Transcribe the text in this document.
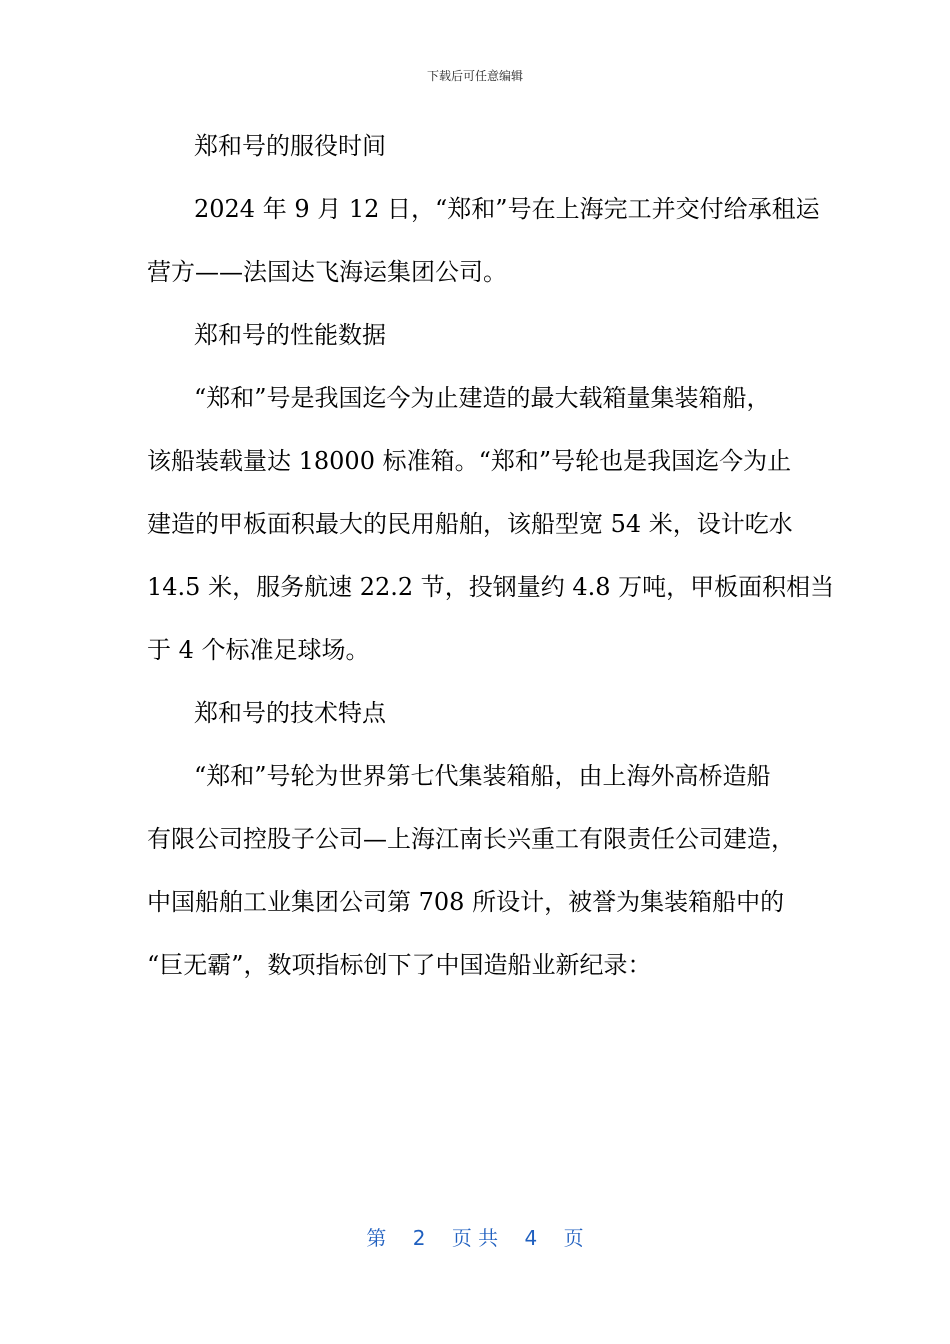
下载后可任意编辑
郑和号的服役时间
2024 年 9 月 12 日，“郑和”号在上海完工并交付给承租运
营方——法国达飞海运集团公司。
郑和号的性能数据
“郑和”号是我国迄今为止建造的最大载箱量集装箱船，
该船装载量达 18000 标准箱。“郑和”号轮也是我国迄今为止
建造的甲板面积最大的民用船舶，该船型宽 54 米，设计吃水
14.5 米，服务航速 22.2 节，投钢量约 4.8 万吨，甲板面积相当
于 4 个标准足球场。
郑和号的技术特点
“郑和”号轮为世界第七代集装箱船，由上海外高桥造船
有限公司控股子公司—上海江南长兴重工有限责任公司建造，
中国船舶工业集团公司第 708 所设计，被誉为集装箱船中的
“巨无霸”，数项指标创下了中国造船业新纪录：
第 2 页 共 4 页
